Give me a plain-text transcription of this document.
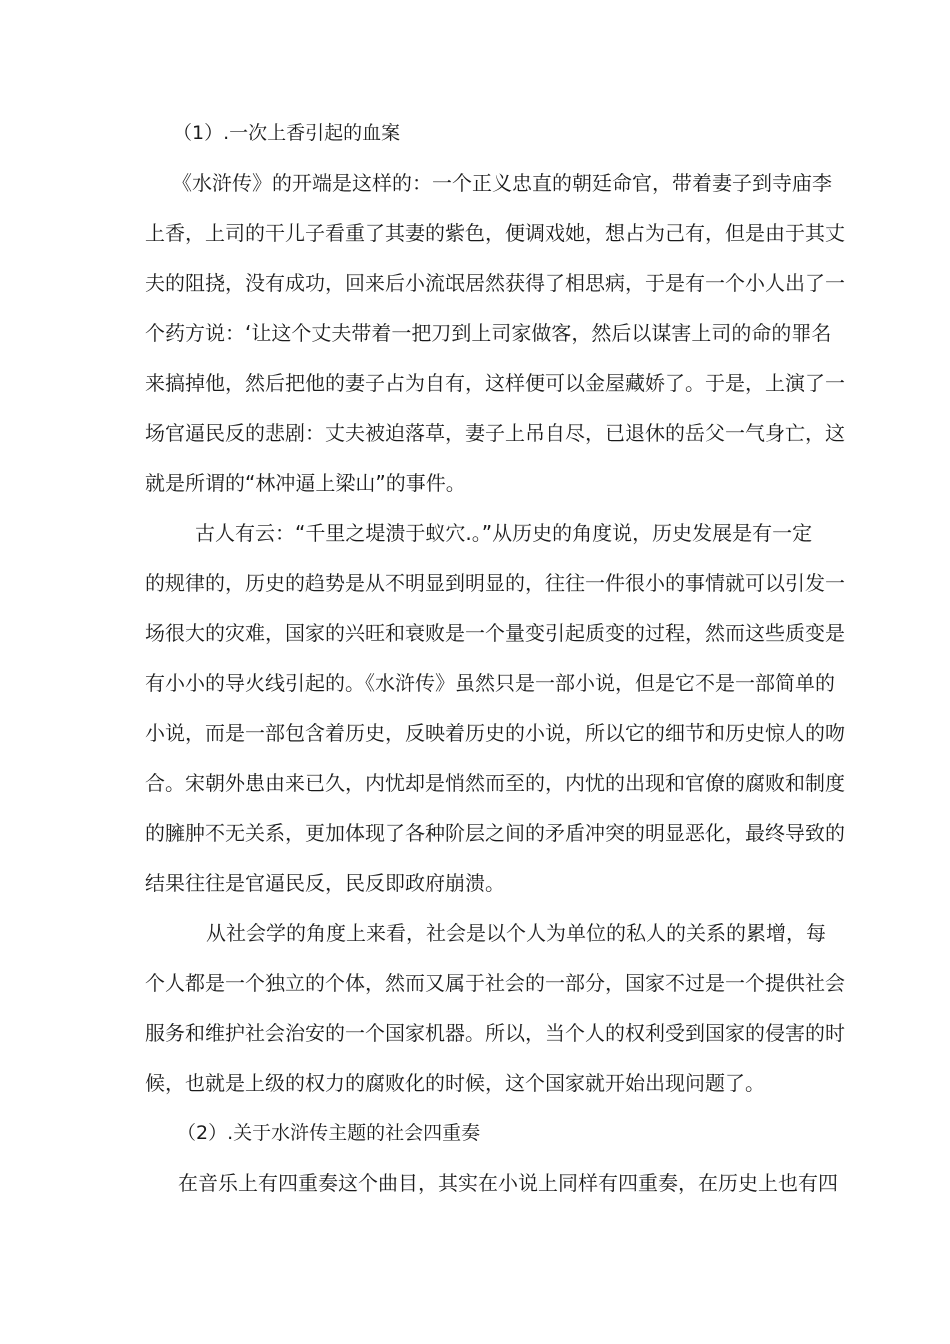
（1）.一次上香引起的血案
《水浒传》的开端是这样的：一个正义忠直的朝廷命官，带着妻子到寺庙李
上香，上司的干儿子看重了其妻的紫色，便调戏她，想占为己有，但是由于其丈
夫的阻挠，没有成功，回来后小流氓居然获得了相思病，于是有一个小人出了一
个药方说：‘让这个丈夫带着一把刀到上司家做客，然后以谋害上司的命的罪名
来搞掉他，然后把他的妻子占为自有，这样便可以金屋藏娇了。于是，上演了一
场官逼民反的悲剧：丈夫被迫落草，妻子上吊自尽，已退休的岳父一气身亡，这
就是所谓的“林冲逼上梁山”的事件。
古人有云：“千里之堤溃于蚁穴.。”从历史的角度说，历史发展是有一定
的规律的，历史的趋势是从不明显到明显的，往往一件很小的事情就可以引发一
场很大的灾难，国家的兴旺和衰败是一个量变引起质变的过程，然而这些质变是
有小小的导火线引起的。《水浒传》虽然只是一部小说，但是它不是一部简单的
小说，而是一部包含着历史，反映着历史的小说，所以它的细节和历史惊人的吻
合。宋朝外患由来已久，内忧却是悄然而至的，内忧的出现和官僚的腐败和制度
的臃肿不无关系，更加体现了各种阶层之间的矛盾冲突的明显恶化，最终导致的
结果往往是官逼民反，民反即政府崩溃。
从社会学的角度上来看，社会是以个人为单位的私人的关系的累增，每
个人都是一个独立的个体，然而又属于社会的一部分，国家不过是一个提供社会
服务和维护社会治安的一个国家机器。所以，当个人的权利受到国家的侵害的时
候，也就是上级的权力的腐败化的时候，这个国家就开始出现问题了。
（2）.关于水浒传主题的社会四重奏
在音乐上有四重奏这个曲目，其实在小说上同样有四重奏，在历史上也有四
